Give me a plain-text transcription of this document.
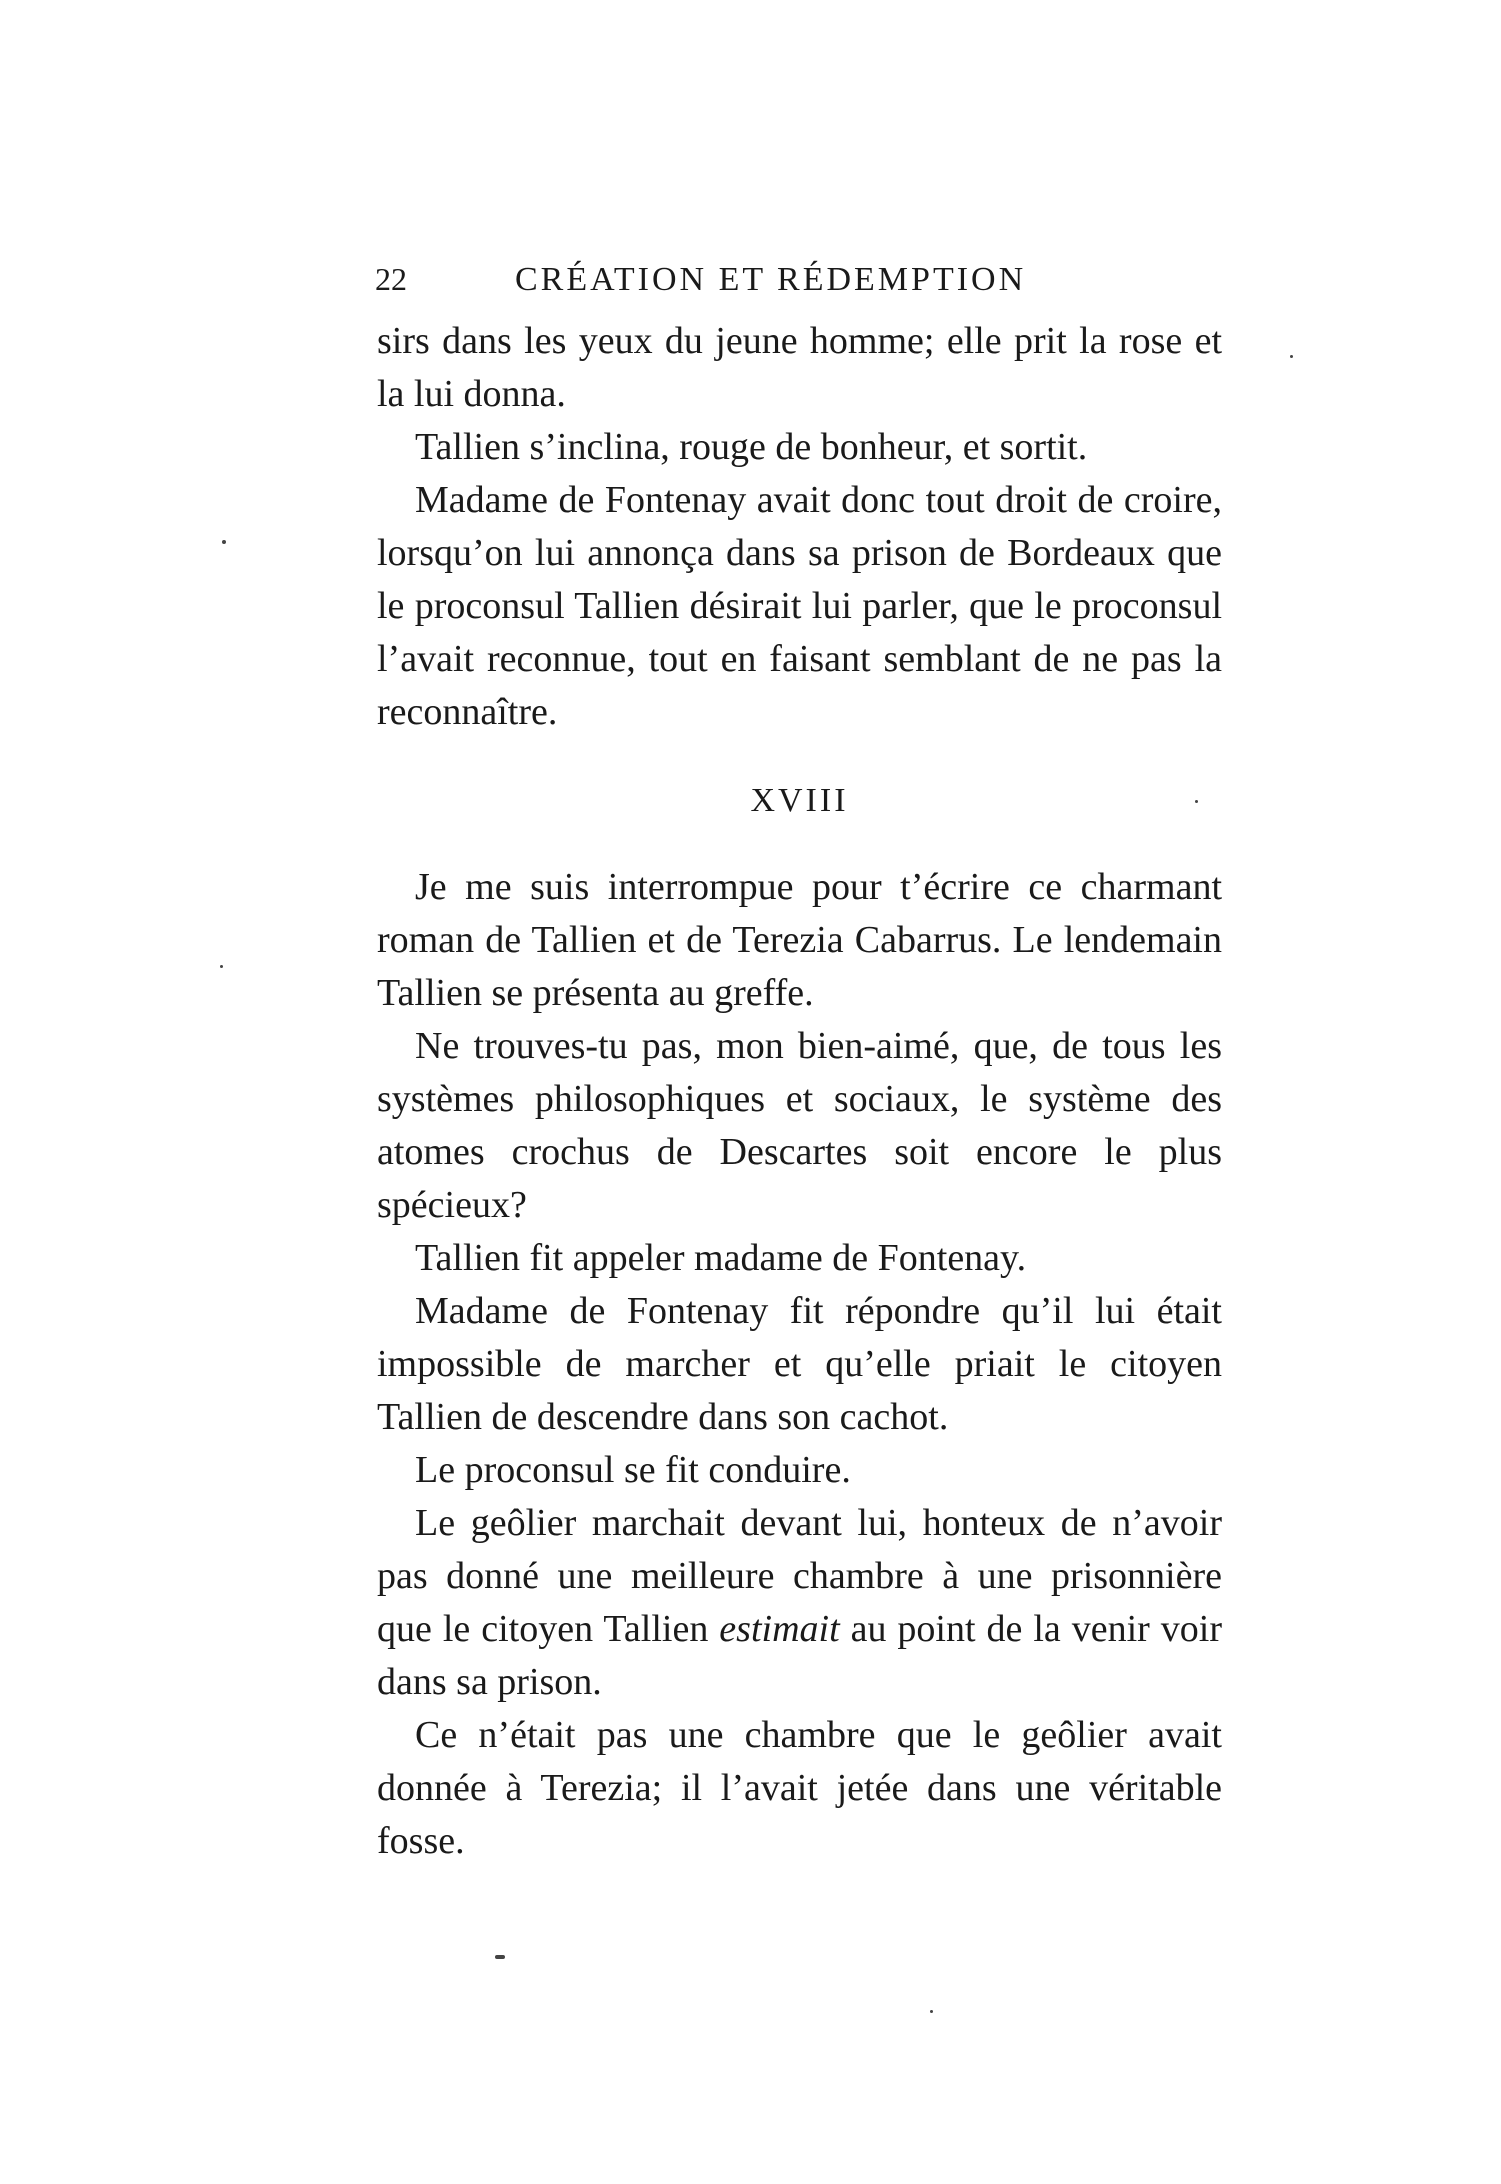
22	CRÉATION ET RÉDEMPTION

sirs dans les yeux du jeune homme; elle prit la rose et la lui donna.

Tallien s’inclina, rouge de bonheur, et sortit.

Madame de Fontenay avait donc tout droit de croire, lorsqu’on lui annonça dans sa prison de Bordeaux que le proconsul Tallien désirait lui parler, que le proconsul l’avait reconnue, tout en faisant semblant de ne pas la reconnaître.

XVIII

Je me suis interrompue pour t’écrire ce charmant roman de Tallien et de Terezia Cabarrus. Le lendemain Tallien se présenta au greffe.

Ne trouves-tu pas, mon bien-aimé, que, de tous les systèmes philosophiques et sociaux, le système des atomes crochus de Descartes soit encore le plus spécieux?

Tallien fit appeler madame de Fontenay.

Madame de Fontenay fit répondre qu’il lui était impossible de marcher et qu’elle priait le citoyen Tallien de descendre dans son cachot.

Le proconsul se fit conduire.

Le geôlier marchait devant lui, honteux de n’avoir pas donné une meilleure chambre à une prisonnière que le citoyen Tallien estimait au point de la venir voir dans sa prison.

Ce n’était pas une chambre que le geôlier avait donnée à Terezia; il l’avait jetée dans une véritable fosse.
